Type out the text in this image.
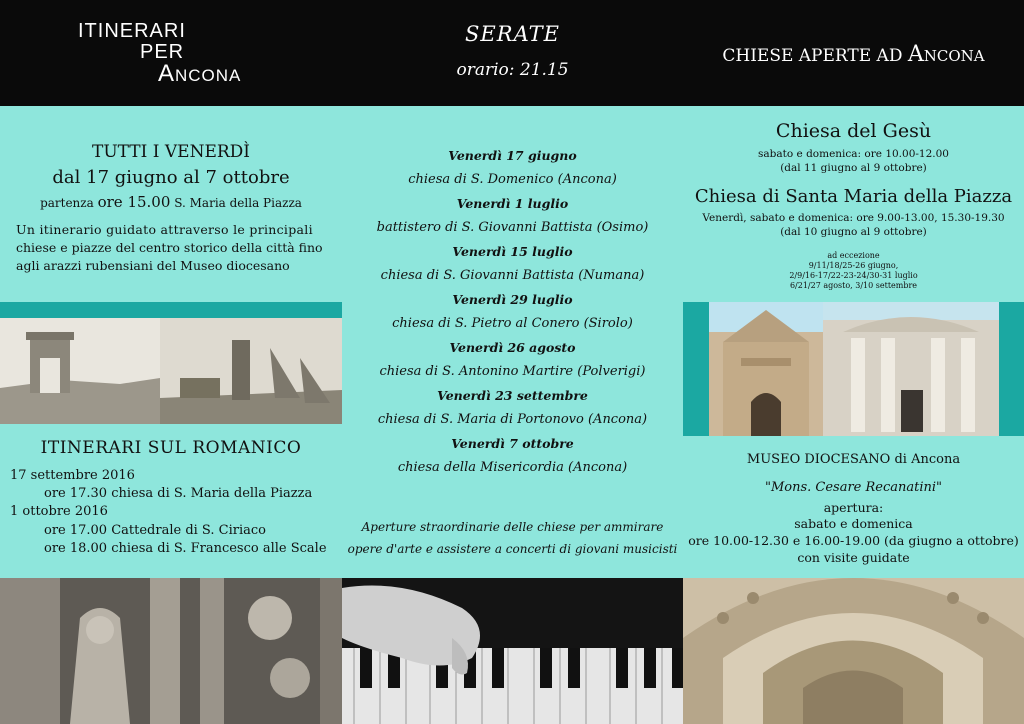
ITINERARI
PER
Ancona
TUTTI I VENERDÌ
dal 17 giugno al 7 ottobre
partenza ore 15.00 S. Maria della Piazza
Un itinerario guidato attraverso le principali
chiese e piazze del centro storico della città fino
agli arazzi rubensiani del Museo diocesano
ITINERARI SUL ROMANICO
17 settembre 2016
ore 17.30 chiesa di S. Maria della Piazza
1 ottobre 2016
ore 17.00 Cattedrale di S. Ciriaco
ore 18.00 chiesa di S. Francesco alle Scale
SERATE
orario: 21.15
Venerdì 17 giugno
chiesa di S. Domenico (Ancona)
Venerdì 1 luglio
battistero di S. Giovanni Battista (Osimo)
Venerdì 15 luglio
chiesa di S. Giovanni Battista (Numana)
Venerdì 29 luglio
chiesa di S. Pietro al Conero (Sirolo)
Venerdì 26 agosto
chiesa di S. Antonino Martire (Polverigi)
Venerdì 23 settembre
chiesa di S. Maria di Portonovo (Ancona)
Venerdì 7 ottobre
chiesa della Misericordia (Ancona)
Aperture straordinarie delle chiese per ammirare
opere d'arte e assistere a concerti di giovani musicisti
CHIESE APERTE AD Ancona
Chiesa del Gesù
sabato e domenica: ore 10.00-12.00
(dal 11 giugno al 9 ottobre)
Chiesa di Santa Maria della Piazza
Venerdì, sabato e domenica: ore 9.00-13.00, 15.30-19.30
(dal 10 giugno al 9 ottobre)
ad eccezione
9/11/18/25-26 giugno,
2/9/16-17/22-23-24/30-31 luglio
6/21/27 agosto, 3/10 settembre
MUSEO DIOCESANO di Ancona
"Mons. Cesare Recanatini"
apertura:
sabato e domenica
ore 10.00-12.30 e 16.00-19.00 (da giugno a ottobre)
con visite guidate
